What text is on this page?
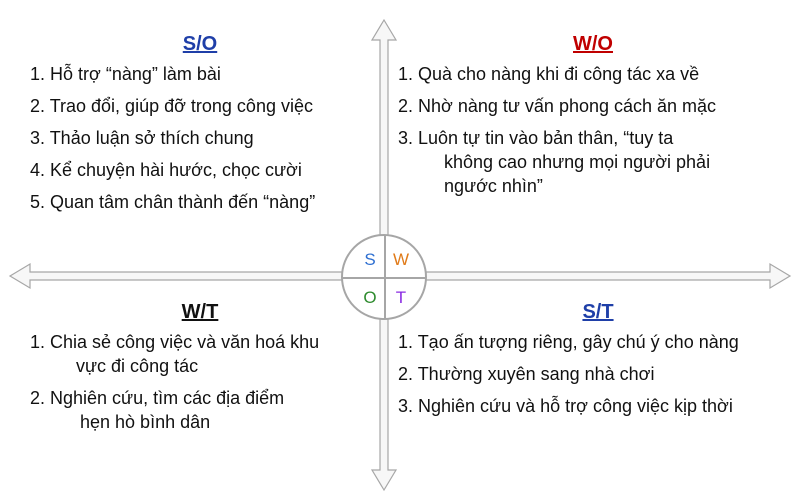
S/O
1. Hỗ trợ “nàng” làm bài
2. Trao đổi, giúp đỡ trong công việc
3. Thảo luận sở thích chung
4. Kể chuyện hài hước, chọc cười
5. Quan tâm chân thành đến “nàng”
W/O
1. Quà cho nàng khi đi công tác xa về
2. Nhờ nàng tư vấn phong cách ăn mặc
3. Luôn tự tin vào bản thân, “tuy ta
không cao nhưng mọi người phải
ngước nhìn”
W/T
1. Chia sẻ công việc và văn hoá khu
vực đi công tác
2. Nghiên cứu, tìm các địa điểm
hẹn hò bình dân
S/T
1. Tạo ấn tượng riêng, gây chú ý cho nàng
2. Thường xuyên sang nhà chơi
3. Nghiên cứu và hỗ trợ công việc kịp thời
S W
O T
